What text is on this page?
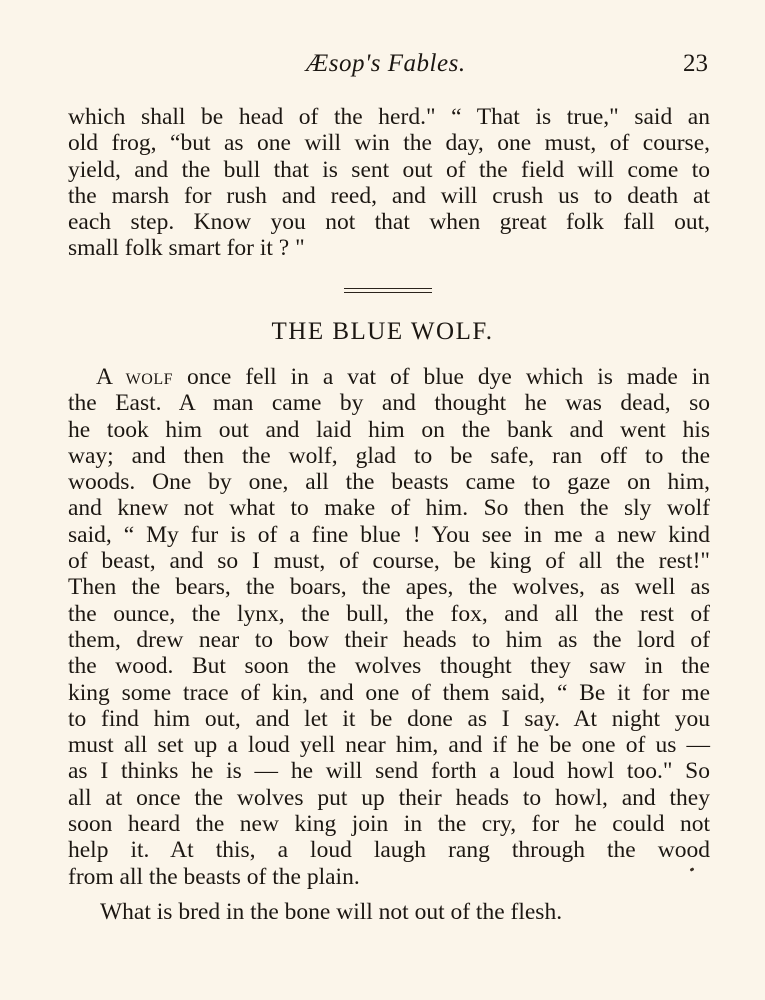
Æsop's Fables.	23
which shall be head of the herd." “ That is true," said an
old frog, “but as one will win the day, one must, of course,
yield, and the bull that is sent out of the field will come to
the marsh for rush and reed, and will crush us to death at
each step. Know you not that when great folk fall out,
small folk smart for it ? "
THE BLUE WOLF.
A wolf once fell in a vat of blue dye which is made in
the East. A man came by and thought he was dead, so
he took him out and laid him on the bank and went his
way; and then the wolf, glad to be safe, ran off to the
woods. One by one, all the beasts came to gaze on him,
and knew not what to make of him. So then the sly wolf
said, “ My fur is of a fine blue ! You see in me a new kind
of beast, and so I must, of course, be king of all the rest!"
Then the bears, the boars, the apes, the wolves, as well as
the ounce, the lynx, the bull, the fox, and all the rest of
them, drew near to bow their heads to him as the lord of
the wood. But soon the wolves thought they saw in the
king some trace of kin, and one of them said, “ Be it for me
to find him out, and let it be done as I say. At night you
must all set up a loud yell near him, and if he be one of us —
as I thinks he is — he will send forth a loud howl too." So
all at once the wolves put up their heads to howl, and they
soon heard the new king join in the cry, for he could not
help it. At this, a loud laugh rang through the wood
from all the beasts of the plain.
What is bred in the bone will not out of the flesh.
